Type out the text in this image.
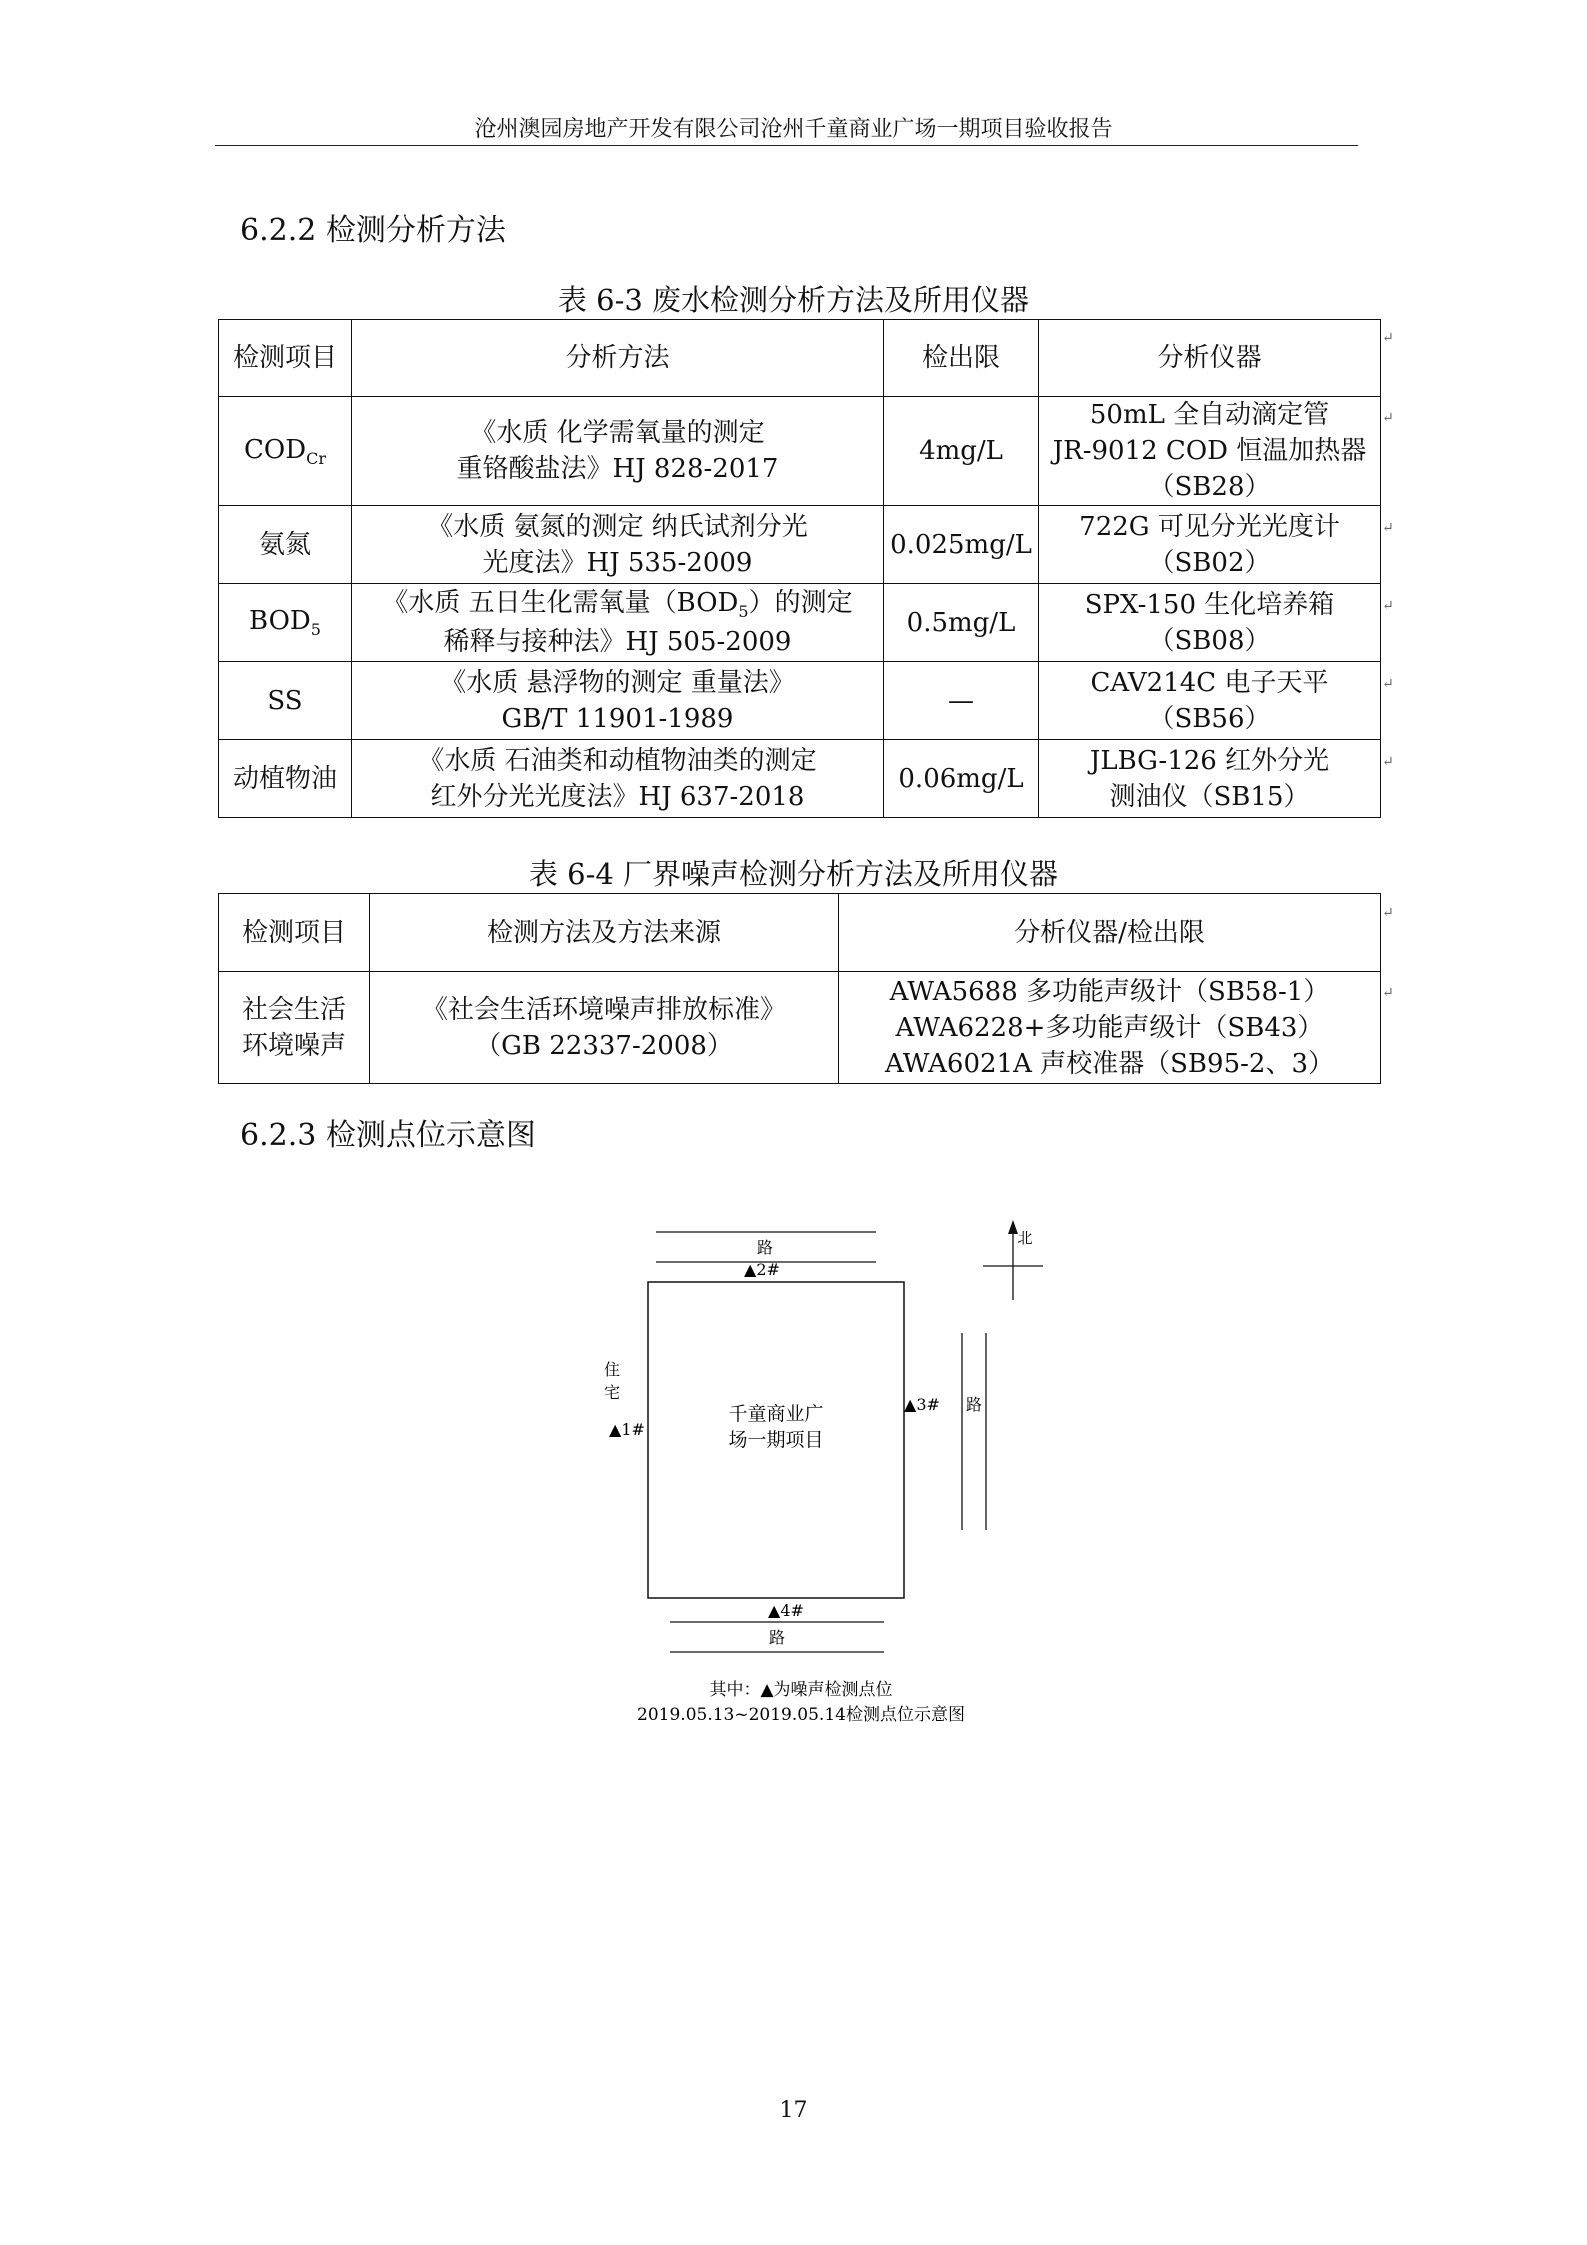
沧州澳园房地产开发有限公司沧州千童商业广场一期项目验收报告
6.2.2 检测分析方法
表 6-3 废水检测分析方法及所用仪器
检测项目	分析方法	检出限	分析仪器
$COD_{Cr}$	《水质 化学需氧量的测定
重铬酸盐法》HJ 828-2017	4mg/L	50mL 全自动滴定管
JR-9012 COD 恒温加热器
（SB28）

氨氮	《水质 氨氮的测定 纳氏试剂分光
光度法》HJ 535-2009	0.025mg/L	722G 可见分光光度计
（SB02）

$BOD_5$	《水质 五日生化需氧量$(BOD_5)$的测定
稀释与接种法》HJ 505-2009	0.5mg/L	SPX-150 生化培养箱
（SB08）

SS	《水质 悬浮物的测定 重量法》
GB/T 11901-1989	—	CAV214C 电子天平
（SB56）

动植物油	《水质 石油类和动植物油类的测定
红外分光光度法》HJ 637-2018	0.06mg/L	JLBG-126 红外分光
测油仪（SB15）
↵
↵
↵
↵
↵
↵
表 6-4 厂界噪声检测分析方法及所用仪器
检测项目	检测方法及方法来源	分析仪器/检出限

社会生活
环境噪声	《社会生活环境噪声排放标准》
（GB 22337-2008）	AWA5688 多功能声级计（SB58-1）
AWA6228+多功能声级计（SB43）
AWA6021A 声校准器（SB95-2、3）
↵
↵
6.2.3 检测点位示意图
路
▲2#
千童商业广
场一期项目
住
宅
▲1#
▲3# 路
北
▲4#
路
其中：▲为噪声检测点位
2019.05.13~2019.05.14检测点位示意图
17
